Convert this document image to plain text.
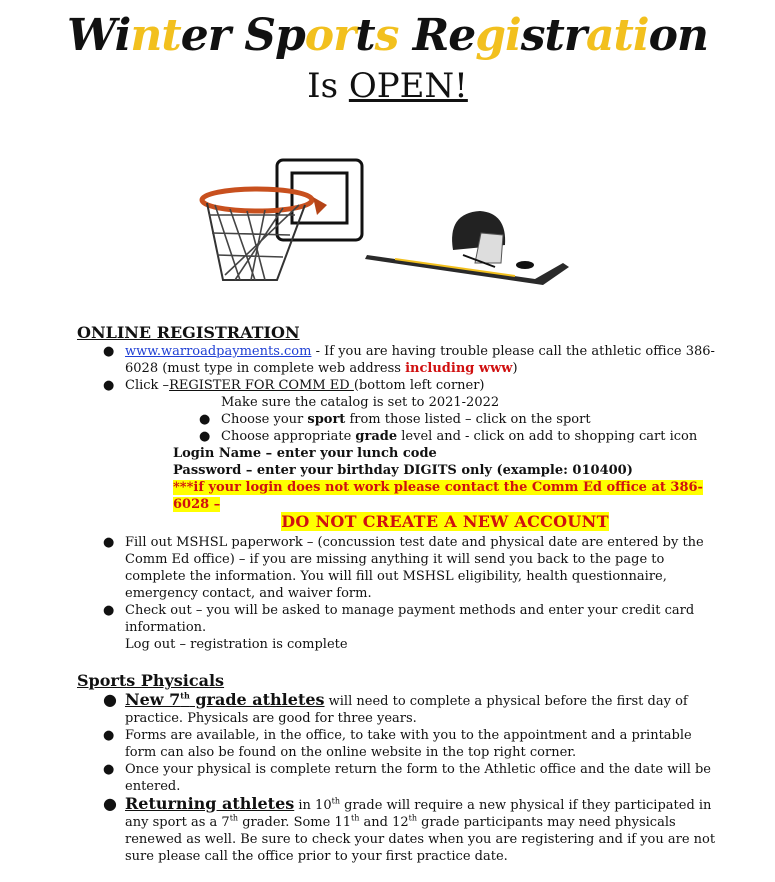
Winter Sports Registration
Is OPEN!
ONLINE REGISTRATION
● www.warroadpayments.com - If you are having trouble please call the athletic office 386-6028 (must type in complete web address including www)
● Click –REGISTER FOR COMM ED (bottom left corner)
Make sure the catalog is set to 2021-2022
● Choose your sport from those listed – click on the sport
● Choose appropriate grade level and - click on add to shopping cart icon
Login Name – enter your lunch code
Password – enter your birthday DIGITS only (example: 010400)
***if your login does not work please contact the Comm Ed office at 386-6028 –

DO NOT CREATE A NEW ACCOUNT
● Fill out MSHSL paperwork – (concussion test date and physical date are entered by the Comm Ed office) – if you are missing anything it will send you back to the page to complete the information. You will fill out MSHSL eligibility, health questionnaire, emergency contact, and waiver form.
● Check out – you will be asked to manage payment methods and enter your credit card information.
Log out – registration is complete
Sports Physicals
● New 7th grade athletes will need to complete a physical before the first day of practice. Physicals are good for three years.
● Forms are available, in the office, to take with you to the appointment and a printable form can also be found on the online website in the top right corner.
● Once your physical is complete return the form to the Athletic office and the date will be entered.
● Returning athletes in 10th grade will require a new physical if they participated in any sport as a 7th grader. Some 11th and 12th grade participants may need physicals renewed as well. Be sure to check your dates when you are registering and if you are not sure please call the office prior to your first practice date.
